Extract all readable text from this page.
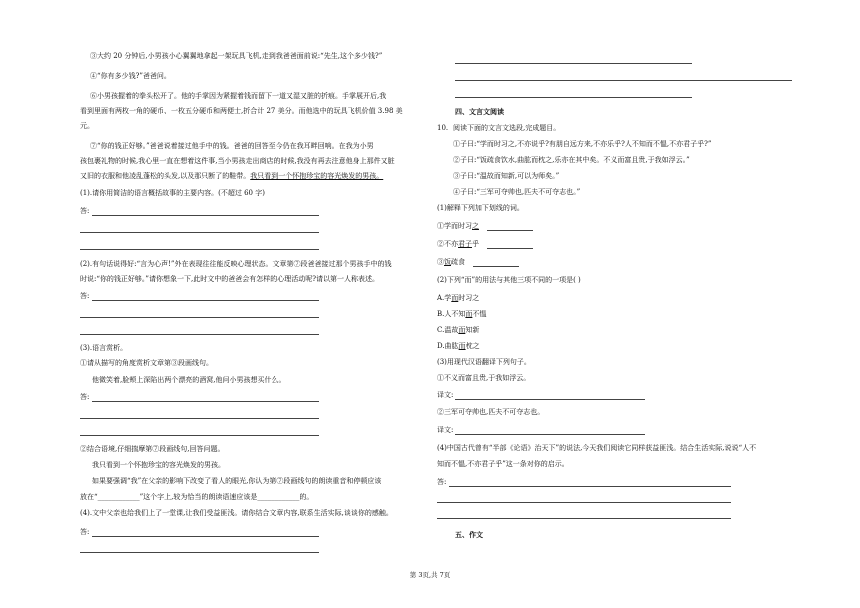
③大约 20 分钟后,小男孩小心翼翼地拿起一架玩具飞机,走到我爸爸面前说:“先生,这个多少钱?”
④“你有多少钱?”爸爸问。
⑥小男孩握着的拳头松开了。他的手掌因为紧握着钱而留下一道又湿又脏的折痕。手掌展开后,我
看到里面有两枚一角的硬币、一枚五分硬币和两便士,折合计 27 美分。而他选中的玩具飞机价值 3.98 美
元。
⑦“你的钱正好够。”爸爸说着接过他手中的钱。爸爸的回答至今仍在我耳畔回响。在我为小男
孩包裹礼物的时候,我心里一直在想着这件事,当小男孩走出商店的时候,我没有再去注意他身上那件又脏
又旧的衣服和他凌乱蓬松的头发,以及那只断了的鞋带。我只看到一个怀抱珍宝的容光焕发的男孩。
(1).请你用简洁的语言概括故事的主要内容。(不超过 60 字)
答:
(2).有句话说得好:“言为心声!”外在表现往往能反映心理状态。文章第⑦段爸爸接过那个男孩手中的钱
时说:“你的钱正好够。”请你想象一下,此时文中的爸爸会有怎样的心理活动呢?请以第一人称表述。
答:
(3).语言赏析。
①请从描写的角度赏析文章第③段画线句。
他微笑着,脸颊上深陷出两个漂亮的酒窝,他问小男孩想买什么。
答:
②结合语境,仔细揣摩第⑦段画线句,回答问题。
我只看到一个怀抱珍宝的容光焕发的男孩。
如果要强调“我”在父亲的影响下改变了看人的眼光,你认为第⑦段画线句的朗读重音和停顿应该
放在“____________”这个字上,较为恰当的朗读语速应该是____________的。
(4).文中父亲也给我们上了一堂课,让我们受益匪浅。请你结合文章内容,联系生活实际,谈谈你的感触。
答:
四、文言文阅读
10. 阅读下面的文言文选段,完成题目。
①子曰:“学而时习之,不亦说乎?有朋自远方来,不亦乐乎?人不知而不愠,不亦君子乎?”
②子曰:“饭疏食饮水,曲肱而枕之,乐亦在其中矣。不义而富且贵,于我如浮云。”
③子曰:“温故而知新,可以为师矣。”
④子曰:“三军可夺帅也,匹夫不可夺志也。”
(1)解释下列加下划线的词。
①学而时习之
②不亦君子乎
③饭疏食
(2)下列“而”的用法与其他三项不同的一项是( )
A.学而时习之
B.人不知而不愠
C.温故而知新
D.曲肱而枕之
(3)用现代汉语翻译下列句子。
①不义而富且贵,于我如浮云。
译文:
②三军可夺帅也,匹夫不可夺志也。
译文:
(4)中国古代曾有“半部《论语》治天下”的说法,今天我们阅读它同样获益匪浅。结合生活实际,说说“人不
知而不愠,不亦君子乎”这一条对你的启示。
答:
五、作文
第 3页,共 7页
